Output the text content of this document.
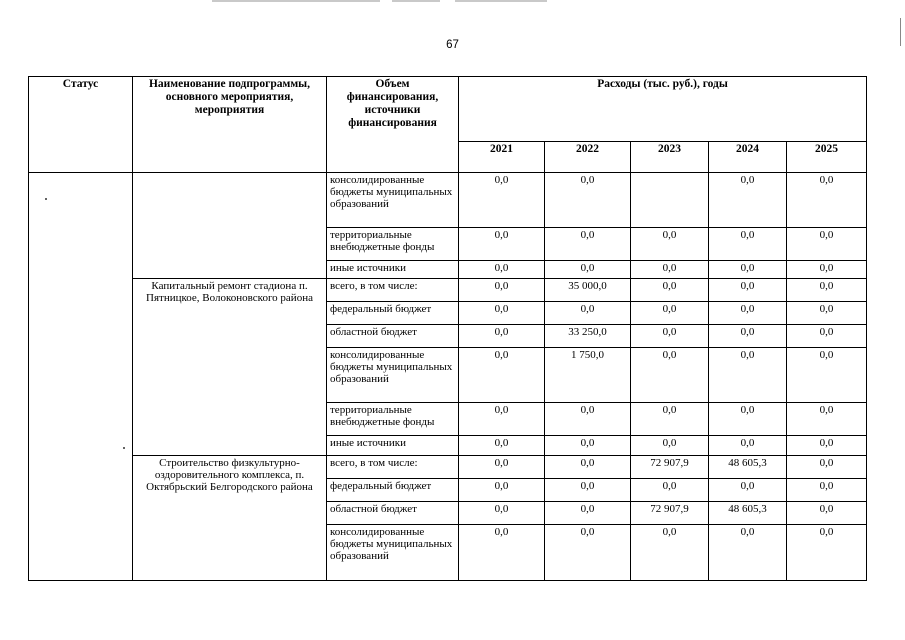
67
Статус	Наименование подпрограммы, основного мероприятия, мероприятия	Объем финансирования, источники финансирования	Расходы (тыс. руб.), годы				
			2021	2022	2023	2024	2025
		консолидированные бюджеты муниципальных образований	0,0	0,0		0,0	0,0
		территориальные внебюджетные фонды	0,0	0,0	0,0	0,0	0,0
		иные источники	0,0	0,0	0,0	0,0	0,0
	Капитальный ремонт стадиона п. Пятницкое, Волоконовского района	всего, в том числе:	0,0	35 000,0	0,0	0,0	0,0
		федеральный бюджет	0,0	0,0	0,0	0,0	0,0
		областной бюджет	0,0	33 250,0	0,0	0,0	0,0
		консолидированные бюджеты муниципальных образований	0,0	1 750,0	0,0	0,0	0,0
		территориальные внебюджетные фонды	0,0	0,0	0,0	0,0	0,0
		иные источники	0,0	0,0	0,0	0,0	0,0
	Строительство физкультурно-оздоровительного комплекса, п. Октябрьский Белгородского района	всего, в том числе:	0,0	0,0	72 907,9	48 605,3	0,0
		федеральный бюджет	0,0	0,0	0,0	0,0	0,0
		областной бюджет	0,0	0,0	72 907,9	48 605,3	0,0
		консолидированные бюджеты муниципальных образований	0,0	0,0	0,0	0,0	0,0
